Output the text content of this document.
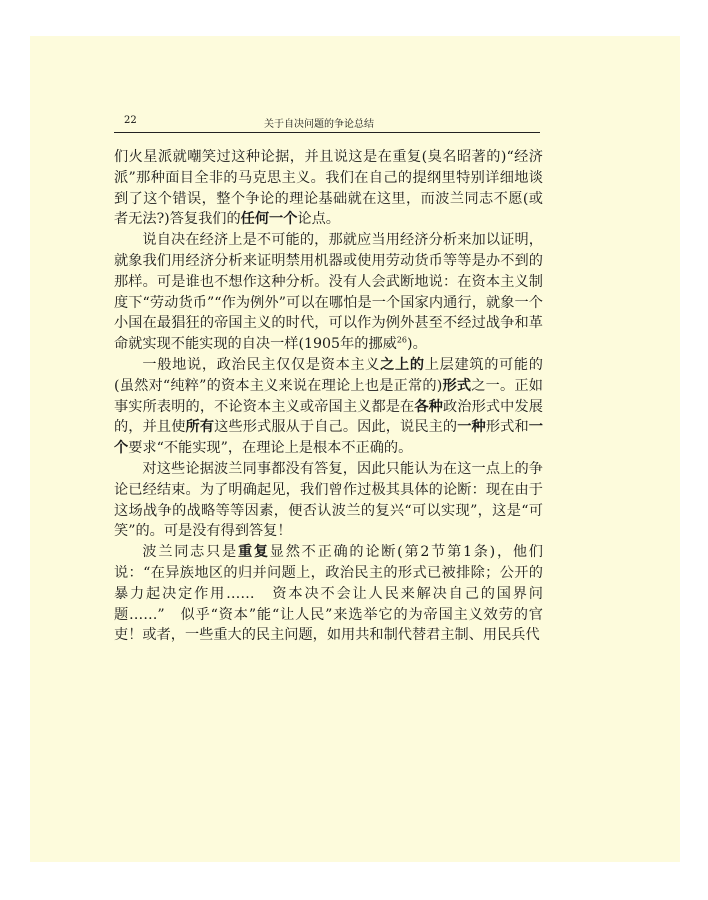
22	关于自决问题的争论总结

们火星派就嘲笑过这种论据，并且说这是在重复(臭名昭著的)“经济派”那种面目全非的马克思主义。我们在自己的提纲里特别详细地谈到了这个错误，整个争论的理论基础就在这里，而波兰同志不愿(或者无法?)答复我们的任何一个论点。

说自决在经济上是不可能的，那就应当用经济分析来加以证明，就象我们用经济分析来证明禁用机器或使用劳动货币等等是办不到的那样。可是谁也不想作这种分析。没有人会武断地说：在资本主义制度下“劳动货币”“作为例外”可以在哪怕是一个国家内通行，就象一个小国在最猖狂的帝国主义的时代，可以作为例外甚至不经过战争和革命就实现不能实现的自决一样(1905年的挪威$^{26}$)。

一般地说，政治民主仅仅是资本主义之上的上层建筑的可能的(虽然对“纯粹”的资本主义来说在理论上也是正常的)形式之一。正如事实所表明的，不论资本主义或帝国主义都是在各种政治形式中发展的，并且使所有这些形式服从于自己。因此，说民主的一种形式和一个要求“不能实现”，在理论上是根本不正确的。

对这些论据波兰同事都没有答复，因此只能认为在这一点上的争论已经结束。为了明确起见，我们曾作过极其具体的论断：现在由于这场战争的战略等等因素，便否认波兰的复兴“可以实现”，这是“可笑”的。可是没有得到答复！

波兰同志只是重复显然不正确的论断(第2节第1条)，他们说：“在异族地区的归并问题上，政治民主的形式已被排除；公开的暴力起决定作用……　资本决不会让人民来解决自己的国界问题……”　似乎“资本”能“让人民”来选举它的为帝国主义效劳的官吏！或者，一些重大的民主问题，如用共和制代替君主制、用民兵代
